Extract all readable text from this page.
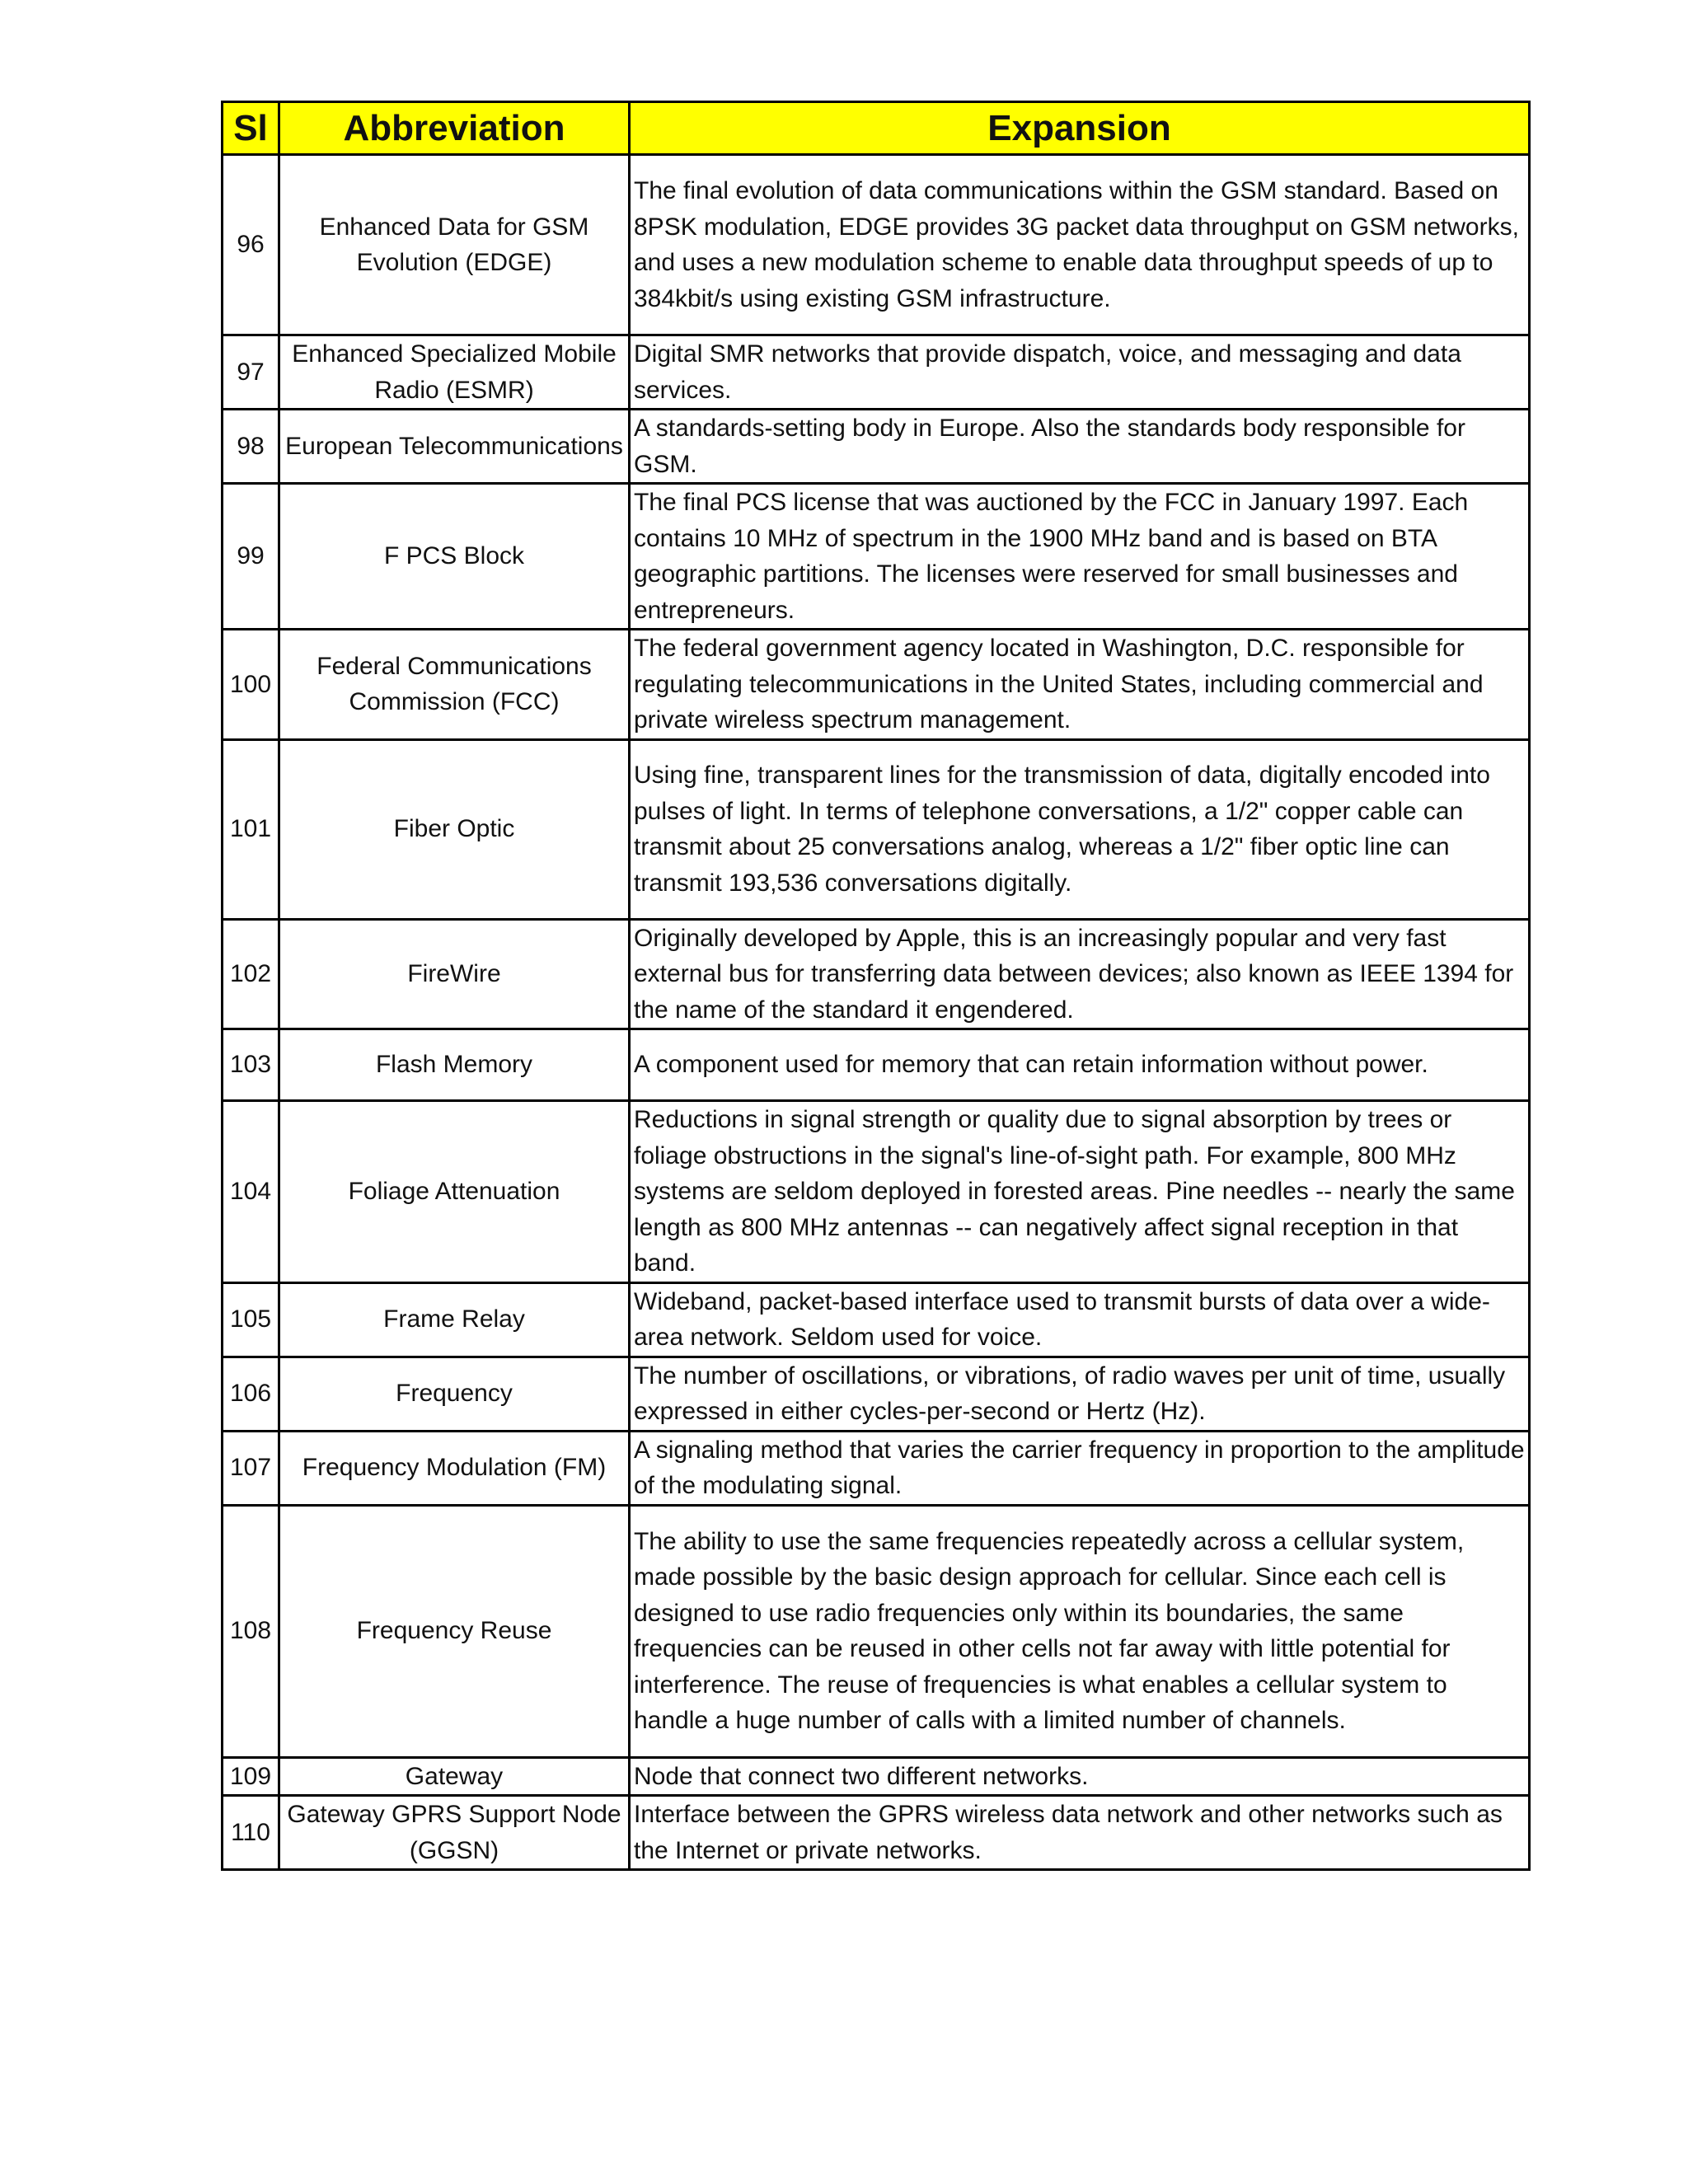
Sl	Abbreviation	Expansion
96	Enhanced Data for GSM Evolution (EDGE)	The final evolution of data communications within the GSM standard. Based on 8PSK modulation, EDGE provides 3G packet data throughput on GSM networks, and uses a new modulation scheme to enable data throughput speeds of up to 384kbit/s using existing GSM infrastructure.
97	Enhanced Specialized Mobile Radio (ESMR)	Digital SMR networks that provide dispatch, voice, and messaging and data services.
98	European Telecommunications	A standards-setting body in Europe. Also the standards body responsible for GSM.
99	F PCS Block	The final PCS license that was auctioned by the FCC in January 1997. Each contains 10 MHz of spectrum in the 1900 MHz band and is based on BTA geographic partitions. The licenses were reserved for small businesses and entrepreneurs.
100	Federal Communications Commission (FCC)	The federal government agency located in Washington, D.C. responsible for regulating telecommunications in the United States, including commercial and private wireless spectrum management.
101	Fiber Optic	Using fine, transparent lines for the transmission of data, digitally encoded into pulses of light. In terms of telephone conversations, a 1/2" copper cable can transmit about 25 conversations analog, whereas a 1/2" fiber optic line can transmit 193,536 conversations digitally.
102	FireWire	Originally developed by Apple, this is an increasingly popular and very fast external bus for transferring data between devices; also known as IEEE 1394 for the name of the standard it engendered.
103	Flash Memory	A component used for memory that can retain information without power.
104	Foliage Attenuation	Reductions in signal strength or quality due to signal absorption by trees or foliage obstructions in the signal's line-of-sight path. For example, 800 MHz systems are seldom deployed in forested areas. Pine needles -- nearly the same length as 800 MHz antennas -- can negatively affect signal reception in that band.
105	Frame Relay	Wideband, packet-based interface used to transmit bursts of data over a wide-area network. Seldom used for voice.
106	Frequency	The number of oscillations, or vibrations, of radio waves per unit of time, usually expressed in either cycles-per-second or Hertz (Hz).
107	Frequency Modulation (FM)	A signaling method that varies the carrier frequency in proportion to the amplitude of the modulating signal.
108	Frequency Reuse	The ability to use the same frequencies repeatedly across a cellular system, made possible by the basic design approach for cellular. Since each cell is designed to use radio frequencies only within its boundaries, the same frequencies can be reused in other cells not far away with little potential for interference. The reuse of frequencies is what enables a cellular system to handle a huge number of calls with a limited number of channels.
109	Gateway	Node that connect two different networks.
110	Gateway GPRS Support Node (GGSN)	Interface between the GPRS wireless data network and other networks such as the Internet or private networks.
